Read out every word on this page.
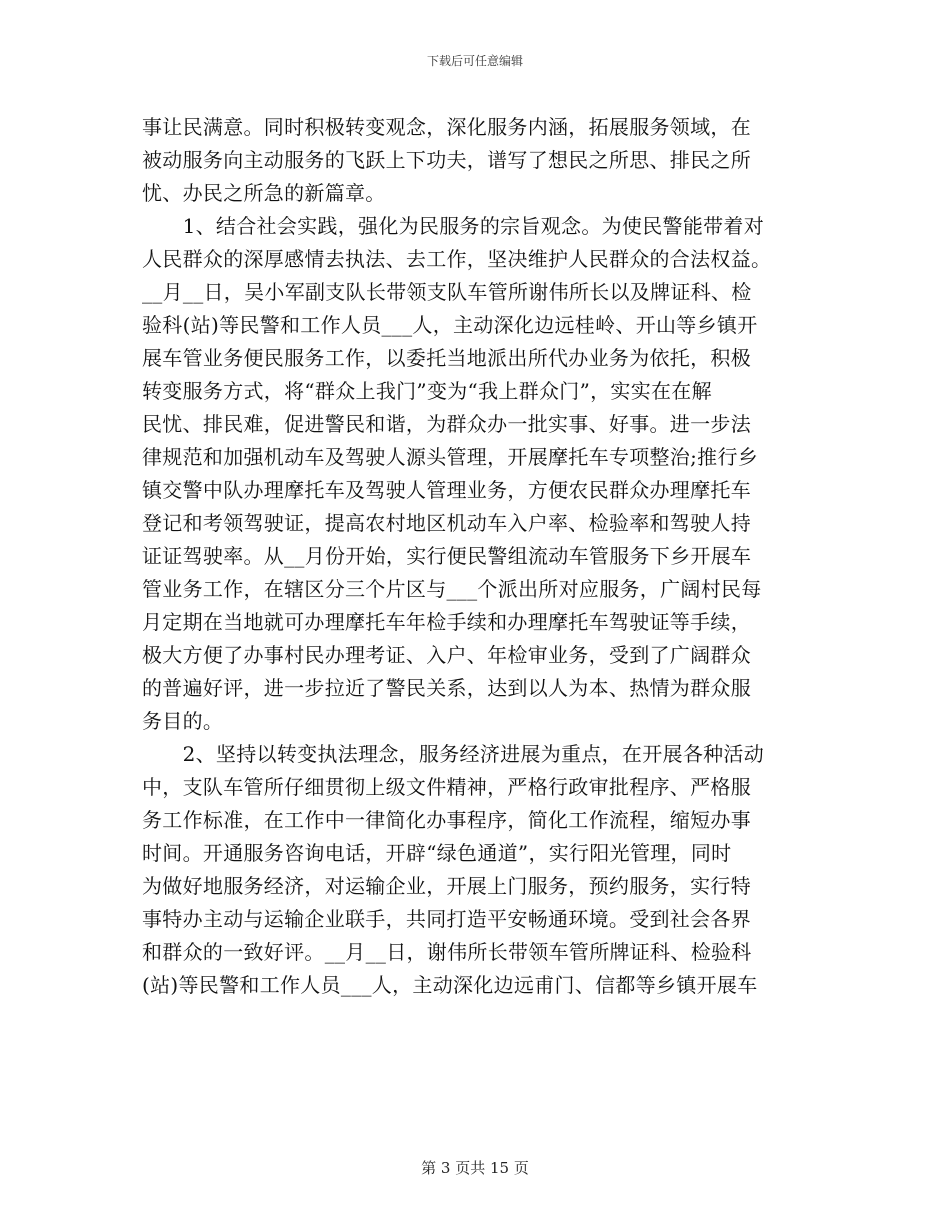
下载后可任意编辑
事让民满意。同时积极转变观念，深化服务内涵，拓展服务领域，在
被动服务向主动服务的飞跃上下功夫，谱写了想民之所思、排民之所
忧、办民之所急的新篇章。
　　1、结合社会实践，强化为民服务的宗旨观念。为使民警能带着对
人民群众的深厚感情去执法、去工作，坚决维护人民群众的合法权益。
__月__日，吴小军副支队长带领支队车管所谢伟所长以及牌证科、检
验科(站)等民警和工作人员___人，主动深化边远桂岭、开山等乡镇开
展车管业务便民服务工作，以委托当地派出所代办业务为依托，积极
转变服务方式，将“群众上我门”变为“我上群众门”，实实在在解
民忧、排民难，促进警民和谐，为群众办一批实事、好事。进一步法
律规范和加强机动车及驾驶人源头管理，开展摩托车专项整治;推行乡
镇交警中队办理摩托车及驾驶人管理业务，方便农民群众办理摩托车
登记和考领驾驶证，提高农村地区机动车入户率、检验率和驾驶人持
证证驾驶率。从__月份开始，实行便民警组流动车管服务下乡开展车
管业务工作，在辖区分三个片区与___个派出所对应服务，广阔村民每
月定期在当地就可办理摩托车年检手续和办理摩托车驾驶证等手续，
极大方便了办事村民办理考证、入户、年检审业务，受到了广阔群众
的普遍好评，进一步拉近了警民关系，达到以人为本、热情为群众服
务目的。
　　2、坚持以转变执法理念，服务经济进展为重点，在开展各种活动
中，支队车管所仔细贯彻上级文件精神，严格行政审批程序、严格服
务工作标准，在工作中一律简化办事程序，简化工作流程，缩短办事
时间。开通服务咨询电话，开辟“绿色通道”，实行阳光管理，同时
为做好地服务经济，对运输企业，开展上门服务，预约服务，实行特
事特办主动与运输企业联手，共同打造平安畅通环境。受到社会各界
和群众的一致好评。__月__日，谢伟所长带领车管所牌证科、检验科
(站)等民警和工作人员___人，主动深化边远甫门、信都等乡镇开展车
第 3 页共 15 页
